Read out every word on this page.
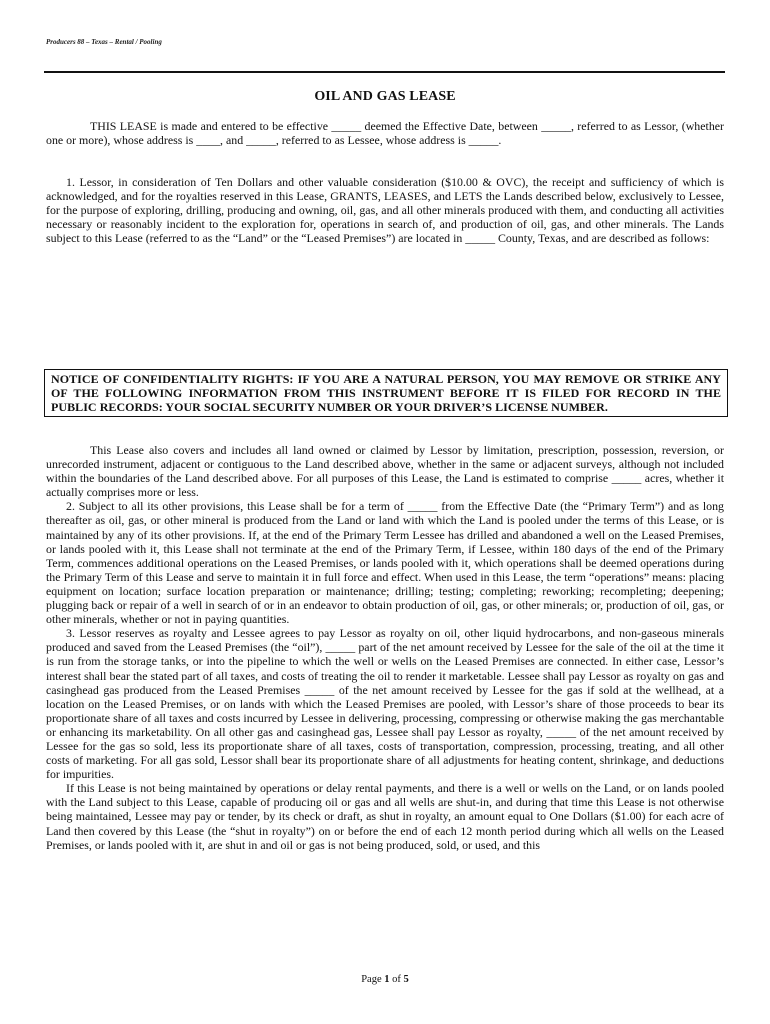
Producers 88 – Texas – Rental / Pooling
OIL AND GAS LEASE

THIS LEASE is made and entered to be effective _____ deemed the Effective Date, between _____, referred to as Lessor, (whether one or more), whose address is ____, and _____, referred to as Lessee, whose address is _____.

1. Lessor, in consideration of Ten Dollars and other valuable consideration ($10.00 & OVC), the receipt and sufficiency of which is acknowledged, and for the royalties reserved in this Lease, GRANTS, LEASES, and LETS the Lands described below, exclusively to Lessee, for the purpose of exploring, drilling, producing and owning, oil, gas, and all other minerals produced with them, and conducting all activities necessary or reasonably incident to the exploration for, operations in search of, and production of oil, gas, and other minerals. The Lands subject to this Lease (referred to as the “Land” or the “Leased Premises”) are located in _____ County, Texas, and are described as follows:

NOTICE OF CONFIDENTIALITY RIGHTS: IF YOU ARE A NATURAL PERSON, YOU MAY REMOVE OR STRIKE ANY OF THE FOLLOWING INFORMATION FROM THIS INSTRUMENT BEFORE IT IS FILED FOR RECORD IN THE PUBLIC RECORDS: YOUR SOCIAL SECURITY NUMBER OR YOUR DRIVER’S LICENSE NUMBER.

This Lease also covers and includes all land owned or claimed by Lessor by limitation, prescription, possession, reversion, or unrecorded instrument, adjacent or contiguous to the Land described above, whether in the same or adjacent surveys, although not included within the boundaries of the Land described above. For all purposes of this Lease, the Land is estimated to comprise _____ acres, whether it actually comprises more or less.

2. Subject to all its other provisions, this Lease shall be for a term of _____ from the Effective Date (the “Primary Term”) and as long thereafter as oil, gas, or other mineral is produced from the Land or land with which the Land is pooled under the terms of this Lease, or is maintained by any of its other provisions. If, at the end of the Primary Term Lessee has drilled and abandoned a well on the Leased Premises, or lands pooled with it, this Lease shall not terminate at the end of the Primary Term, if Lessee, within 180 days of the end of the Primary Term, commences additional operations on the Leased Premises, or lands pooled with it, which operations shall be deemed operations during the Primary Term of this Lease and serve to maintain it in full force and effect. When used in this Lease, the term “operations” means: placing equipment on location; surface location preparation or maintenance; drilling; testing; completing; reworking; recompleting; deepening; plugging back or repair of a well in search of or in an endeavor to obtain production of oil, gas, or other minerals; or, production of oil, gas, or other minerals, whether or not in paying quantities.

3. Lessor reserves as royalty and Lessee agrees to pay Lessor as royalty on oil, other liquid hydrocarbons, and non-gaseous minerals produced and saved from the Leased Premises (the “oil”), _____ part of the net amount received by Lessee for the sale of the oil at the time it is run from the storage tanks, or into the pipeline to which the well or wells on the Leased Premises are connected. In either case, Lessor’s interest shall bear the stated part of all taxes, and costs of treating the oil to render it marketable. Lessee shall pay Lessor as royalty on gas and casinghead gas produced from the Leased Premises _____ of the net amount received by Lessee for the gas if sold at the wellhead, at a location on the Leased Premises, or on lands with which the Leased Premises are pooled, with Lessor’s share of those proceeds to bear its proportionate share of all taxes and costs incurred by Lessee in delivering, processing, compressing or otherwise making the gas merchantable or enhancing its marketability. On all other gas and casinghead gas, Lessee shall pay Lessor as royalty, _____ of the net amount received by Lessee for the gas so sold, less its proportionate share of all taxes, costs of transportation, compression, processing, treating, and all other costs of marketing. For all gas sold, Lessor shall bear its proportionate share of all adjustments for heating content, shrinkage, and deductions for impurities.

If this Lease is not being maintained by operations or delay rental payments, and there is a well or wells on the Land, or on lands pooled with the Land subject to this Lease, capable of producing oil or gas and all wells are shut-in, and during that time this Lease is not otherwise being maintained, Lessee may pay or tender, by its check or draft, as shut in royalty, an amount equal to One Dollars ($1.00) for each acre of Land then covered by this Lease (the “shut in royalty”) on or before the end of each 12 month period during which all wells on the Leased Premises, or lands pooled with it, are shut in and oil or gas is not being produced, sold, or used, and this

Page 1 of 5
